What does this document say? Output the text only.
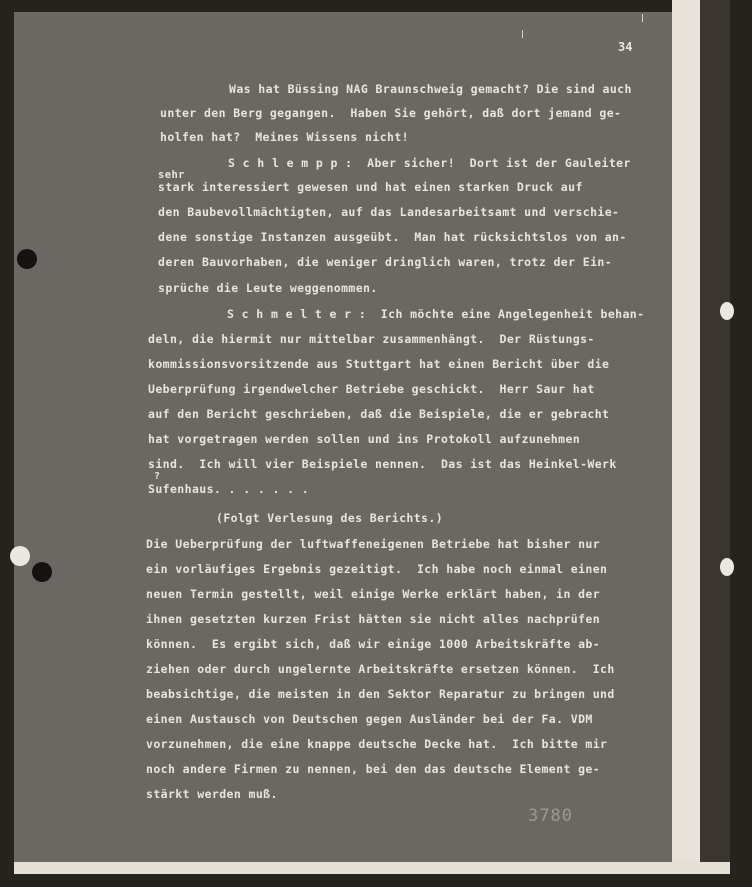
34
Was hat Büssing NAG Braunschweig gemacht? Die sind auch
unter den Berg gegangen.  Haben Sie gehört, daß dort jemand ge-
holfen hat?  Meines Wissens nicht!
S c h l e m p p :  Aber sicher!  Dort ist der Gauleiter
sehr
stark interessiert gewesen und hat einen starken Druck auf
den Baubevollmächtigten, auf das Landesarbeitsamt und verschie-
dene sonstige Instanzen ausgeübt.  Man hat rücksichtslos von an-
deren Bauvorhaben, die weniger dringlich waren, trotz der Ein-
sprüche die Leute weggenommen.
S c h m e l t e r :  Ich möchte eine Angelegenheit behan-
deln, die hiermit nur mittelbar zusammenhängt.  Der Rüstungs-
kommissionsvorsitzende aus Stuttgart hat einen Bericht über die
Ueberprüfung irgendwelcher Betriebe geschickt.  Herr Saur hat
auf den Bericht geschrieben, daß die Beispiele, die er gebracht
hat vorgetragen werden sollen und ins Protokoll aufzunehmen
sind.  Ich will vier Beispiele nennen.  Das ist das Heinkel-Werk
?
Sufenhaus. . . . . . .
(Folgt Verlesung des Berichts.)
Die Ueberprüfung der luftwaffeneigenen Betriebe hat bisher nur
ein vorläufiges Ergebnis gezeitigt.  Ich habe noch einmal einen
neuen Termin gestellt, weil einige Werke erklärt haben, in der
ihnen gesetzten kurzen Frist hätten sie nicht alles nachprüfen
können.  Es ergibt sich, daß wir einige 1000 Arbeitskräfte ab-
ziehen oder durch ungelernte Arbeitskräfte ersetzen können.  Ich
beabsichtige, die meisten in den Sektor Reparatur zu bringen und
einen Austausch von Deutschen gegen Ausländer bei der Fa. VDM
vorzunehmen, die eine knappe deutsche Decke hat.  Ich bitte mir
noch andere Firmen zu nennen, bei den das deutsche Element ge-
stärkt werden muß.
3780
